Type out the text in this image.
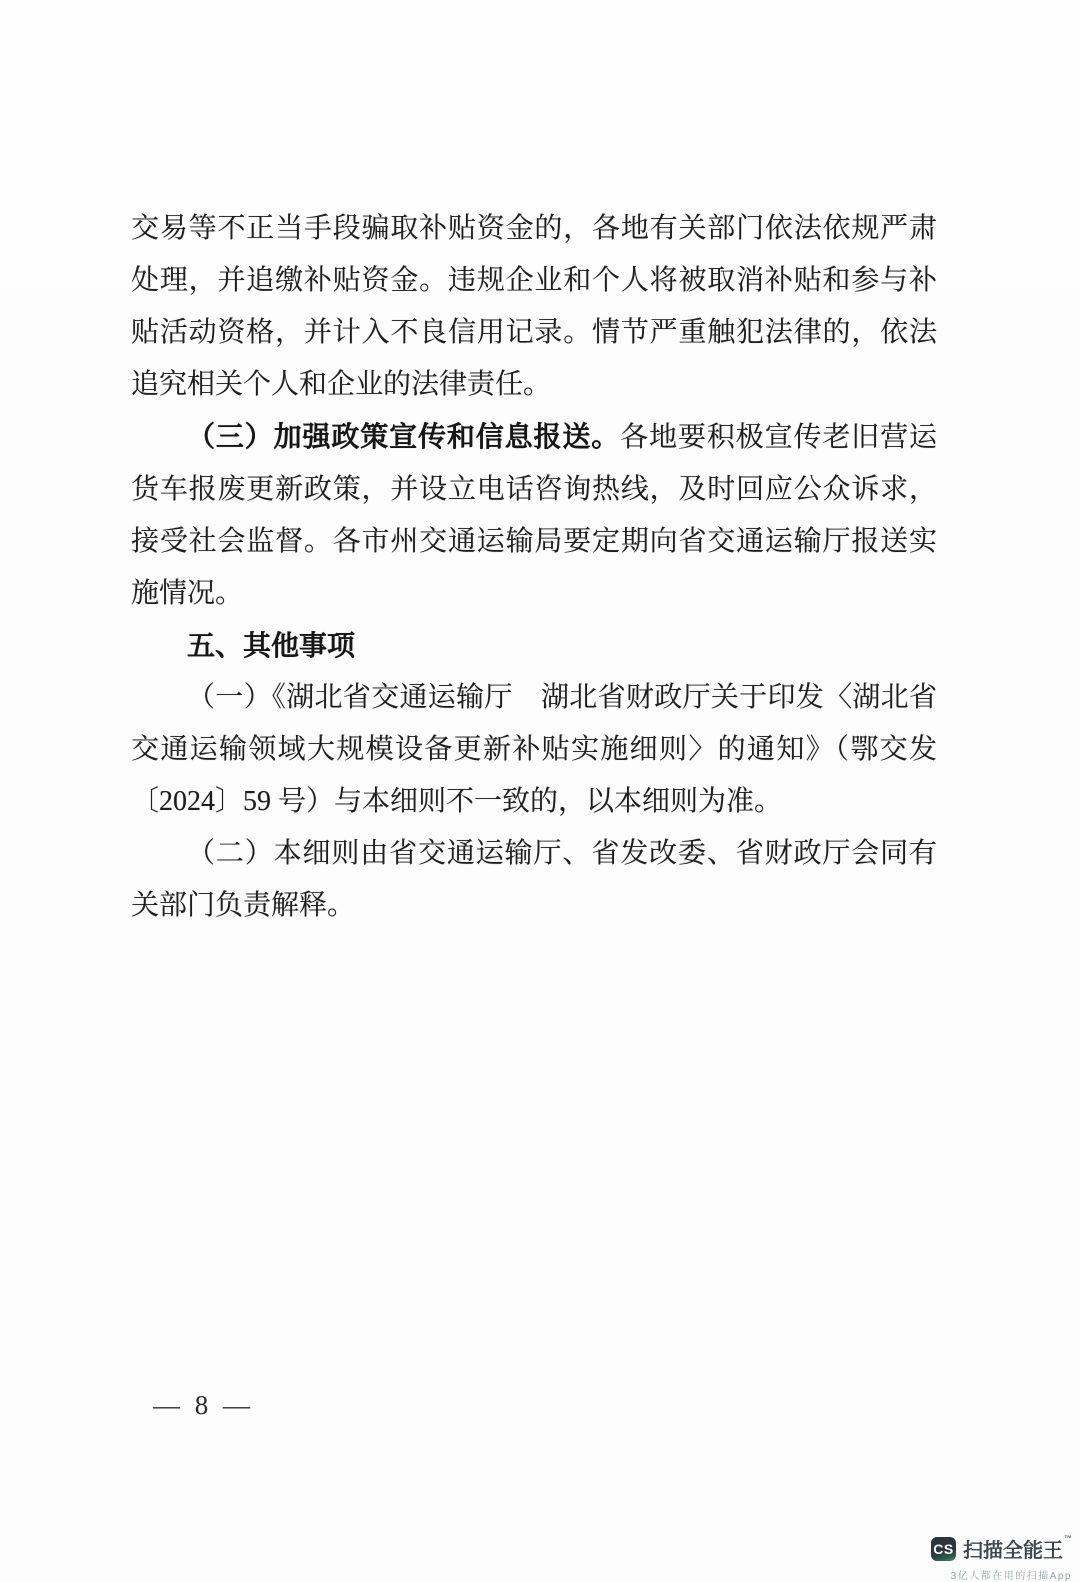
交易等不正当手段骗取补贴资金的，各地有关部门依法依规严肃处理，并追缴补贴资金。违规企业和个人将被取消补贴和参与补贴活动资格，并计入不良信用记录。情节严重触犯法律的，依法追究相关个人和企业的法律责任。

（三）加强政策宣传和信息报送。各地要积极宣传老旧营运货车报废更新政策，并设立电话咨询热线，及时回应公众诉求，接受社会监督。各市州交通运输局要定期向省交通运输厅报送实施情况。

五、其他事项

（一）《湖北省交通运输厅　湖北省财政厅关于印发〈湖北省交通运输领域大规模设备更新补贴实施细则〉的通知》（鄂交发〔2024〕59 号）与本细则不一致的，以本细则为准。

（二）本细则由省交通运输厅、省发改委、省财政厅会同有关部门负责解释。

— 8 —
CS 扫描全能王
™
3亿人都在用的扫描App
